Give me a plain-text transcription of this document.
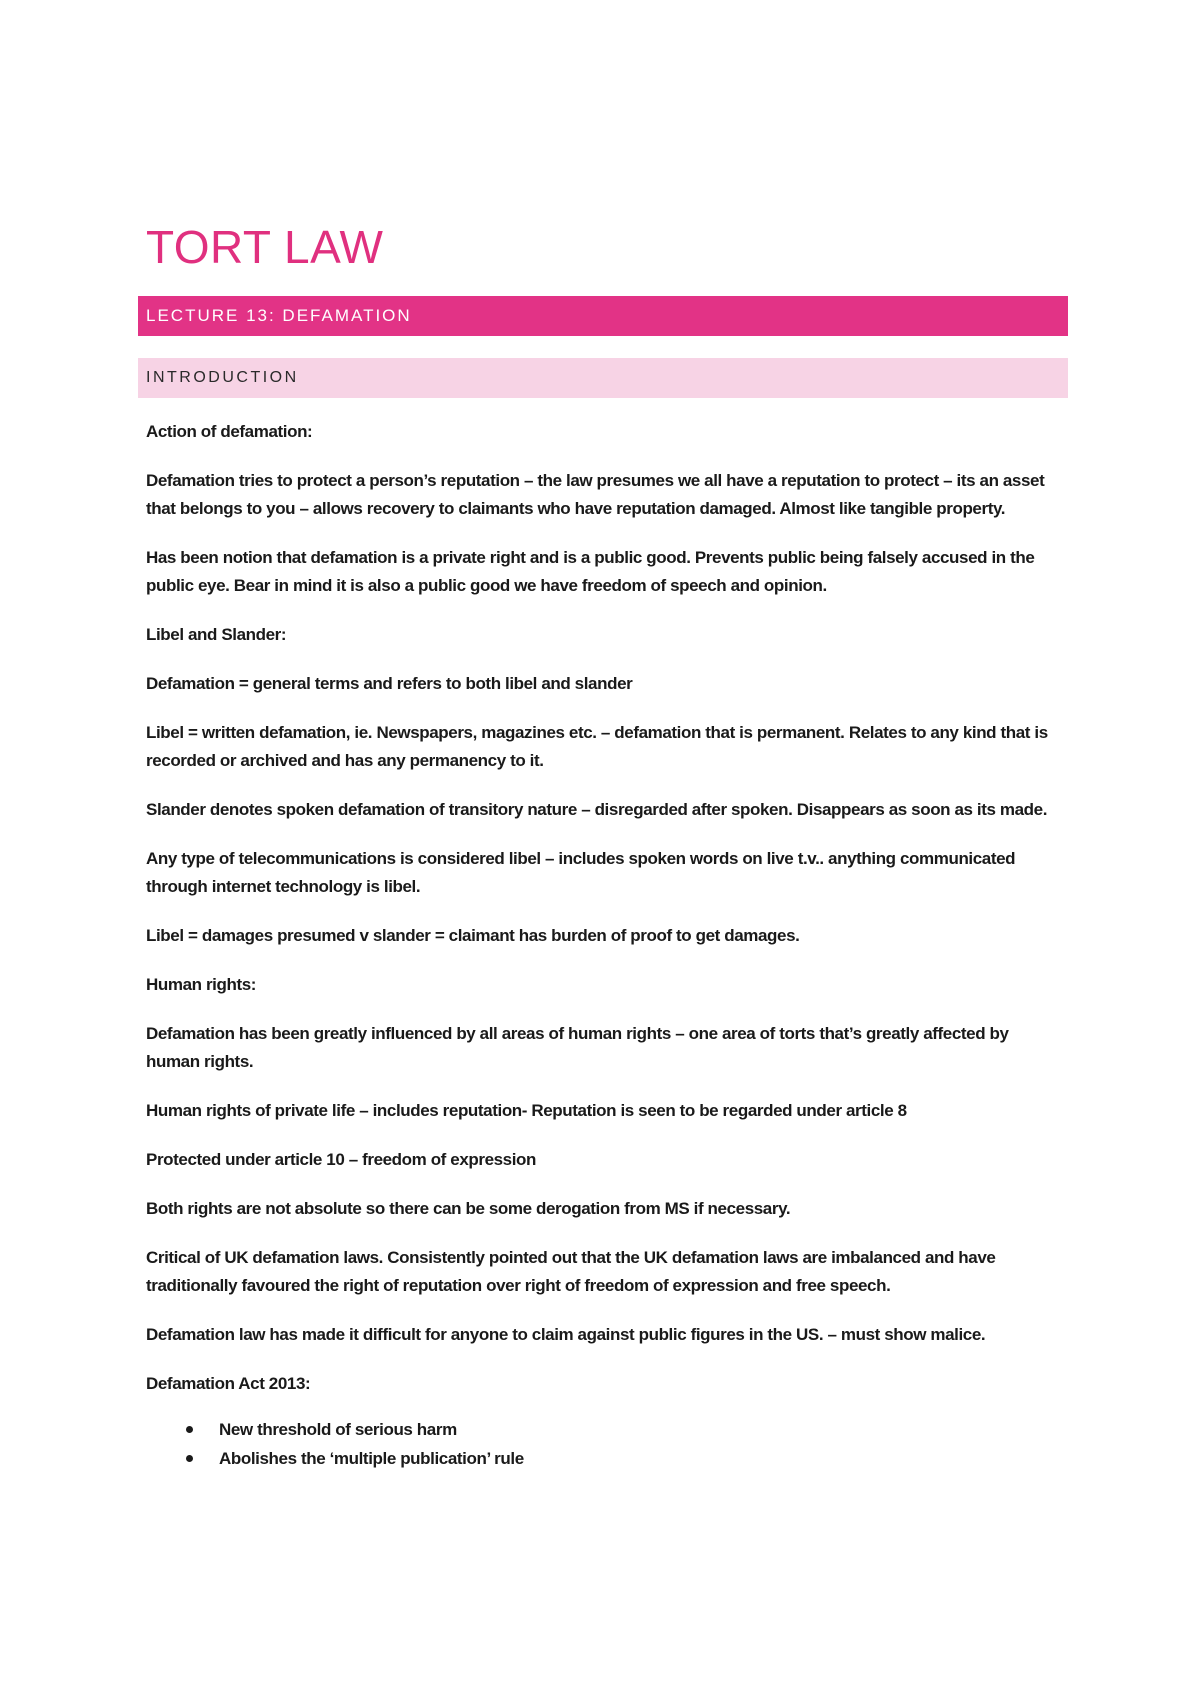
TORT LAW
LECTURE 13: DEFAMATION
INTRODUCTION
Action of defamation:
Defamation tries to protect a person’s reputation – the law presumes we all have a reputation to protect – its an asset that belongs to you – allows recovery to claimants who have reputation damaged. Almost like tangible property.
Has been notion that defamation is a private right and is a public good. Prevents public being falsely accused in the public eye. Bear in mind it is also a public good we have freedom of speech and opinion.
Libel and Slander:
Defamation = general terms and refers to both libel and slander
Libel = written defamation, ie. Newspapers, magazines etc. – defamation that is permanent. Relates to any kind that is recorded or archived and has any permanency to it.
Slander denotes spoken defamation of transitory nature – disregarded after spoken. Disappears as soon as its made.
Any type of telecommunications is considered libel – includes spoken words on live t.v.. anything communicated through internet technology is libel.
Libel = damages presumed v slander = claimant has burden of proof to get damages.
Human rights:
Defamation has been greatly influenced by all areas of human rights – one area of torts that’s greatly affected by human rights.
Human rights of private life – includes reputation- Reputation is seen to be regarded under article 8
Protected under article 10 – freedom of expression
Both rights are not absolute so there can be some derogation from MS if necessary.
Critical of UK defamation laws. Consistently pointed out that the UK defamation laws are imbalanced and have traditionally favoured the right of reputation over right of freedom of expression and free speech.
Defamation law has made it difficult for anyone to claim against public figures in the US. – must show malice.
Defamation Act 2013:
New threshold of serious harm
Abolishes the ‘multiple publication’ rule
